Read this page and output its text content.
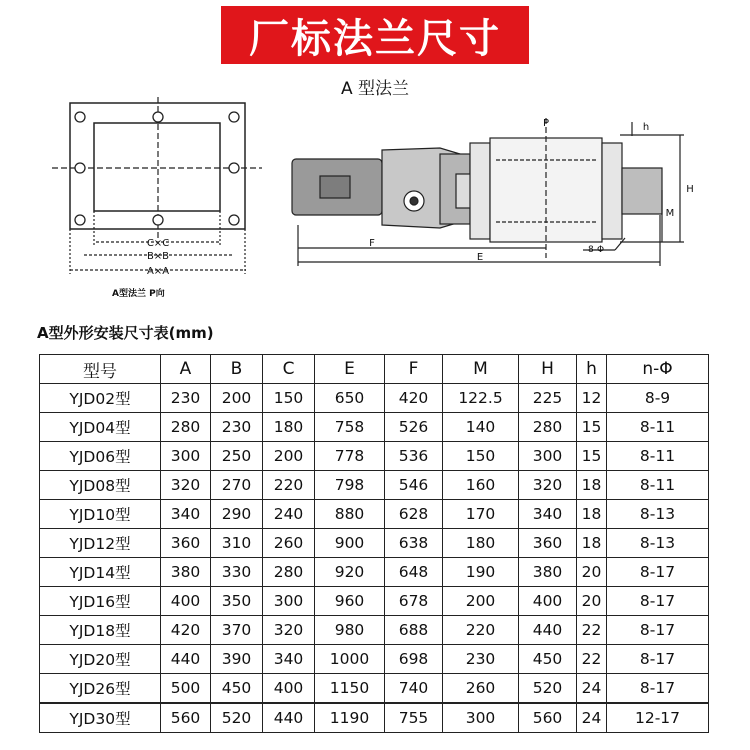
厂标法兰尺寸
A 型法兰
C×C
B×B
A×A
P
F
E
H
M
h
8-Φ
A型法兰 P向
A型外形安装尺寸表(mm)
型号	A	B	C	E	F	M	H	h	n-Φ
YJD02型	230	200	150	650	420	122.5	225	12	8-9
YJD04型	280	230	180	758	526	140	280	15	8-11
YJD06型	300	250	200	778	536	150	300	15	8-11
YJD08型	320	270	220	798	546	160	320	18	8-11
YJD10型	340	290	240	880	628	170	340	18	8-13
YJD12型	360	310	260	900	638	180	360	18	8-13
YJD14型	380	330	280	920	648	190	380	20	8-17
YJD16型	400	350	300	960	678	200	400	20	8-17
YJD18型	420	370	320	980	688	220	440	22	8-17
YJD20型	440	390	340	1000	698	230	450	22	8-17
YJD26型	500	450	400	1150	740	260	520	24	8-17
YJD30型	560	520	440	1190	755	300	560	24	12-17
